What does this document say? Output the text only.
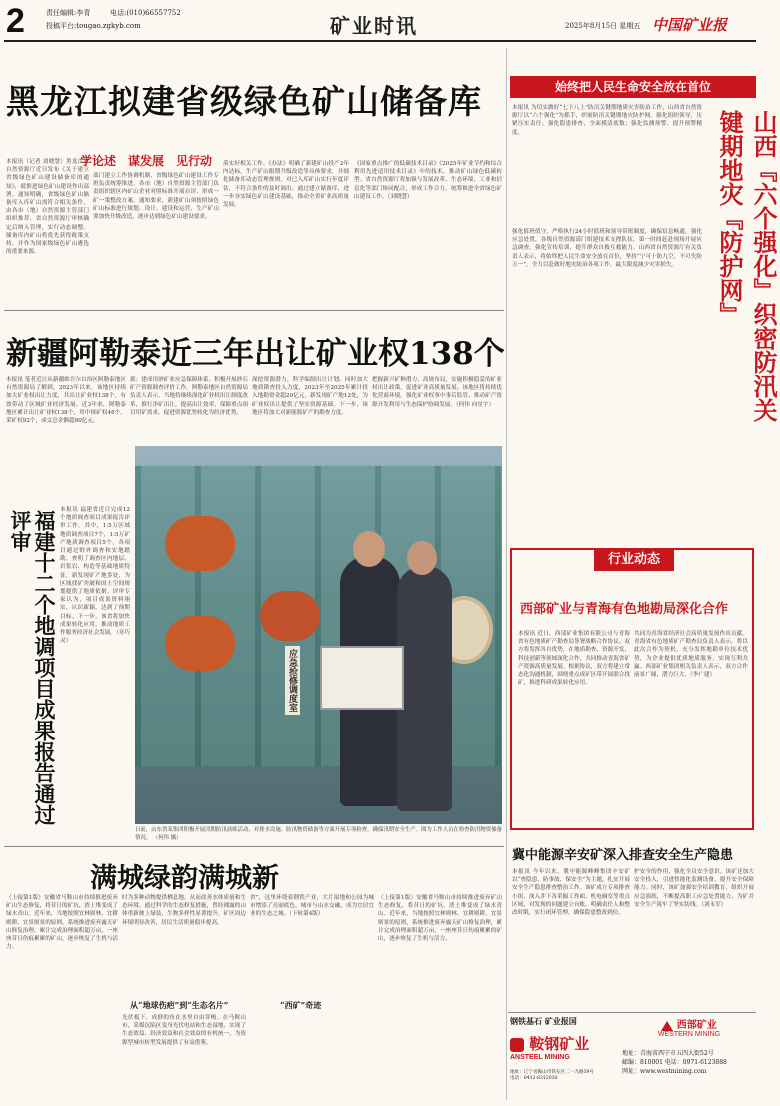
2	责任编辑:李青	电话:(010)66557752
投稿平台:tougao.zgkyb.com	矿业时讯	2025年8月15日 星期五 中国矿业报
黑龙江拟建省级绿色矿山储备库
学论述　谋发展　见行动
本报讯（记者 刘晓慧）黑龙江省自然资源厅近日发布《关于建立省级绿色矿山建设储备库的通知》，就推进绿色矿山建设作出部署。通知明确，省级绿色矿山储备库入库矿山需符合相关条件，由各市（地）自然资源主管部门组织推荐，省自然资源厅审核确定后纳入管理，实行动态调整。储备库内矿山将优先获得政策支持，并作为国家级绿色矿山遴选的重要来源。
部门建立工作协调机制，省级绿色矿山建设工作专班负责统筹推进，各市（地）自然资源主管部门负责组织辖区内矿山企业对照标准开展自评，形成一矿一策整改方案。通知要求，新建矿山须按照绿色矿山标准进行规划、设计、建设和运营，生产矿山要加快升级改造，逐步达到绿色矿山建设要求。
落实好相关工作。《办法》明确了新建矿山投产2年内达标，生产矿山限期升级改造等具体要求，并细化储备库动态管理规则。对已入库矿山实行年度评估，不符合条件的及时调出。通过建立储备库，进一步夯实绿色矿山建设基础，推动全省矿业高质量发展。
《国家重点推广的低碳技术目录》《2025年矿业节约和综合利用先进适用技术目录》中的技术，推动矿山绿色低碳转型。省自然资源厅将加强与发展改革、生态环境、工业和信息化等部门协同配合，形成工作合力，统筹推进全省绿色矿山建设工作。（刘晓慧）
新疆阿勒泰近三年出让矿业权138个
本报讯 笔者近日从新疆维吾尔自治区阿勒泰地区自然资源局了解到，2023年以来，该地区持续加大矿业权出让力度，共出让矿业权138个，有效带动了区域矿业经济发展。近3年来，阿勒泰地区累计出让矿业权138个，其中探矿权46个、采矿权92个，成交总金额超80亿元。
源；建成用砂矿业应急保障体系，积极开展砂石矿产资源调查评价工作。阿勒泰地区自然资源局负责人表示，当地将继续深化矿业权出让制度改革，推行净矿出让，提高出让效率，保障重点项目用矿需求，促进资源优势转化为经济优势。
深挖资源潜力，科学编制出让计划。同时加大地质勘查投入力度，2023年至2025年累计投入地勘资金超20亿元，新发现矿产地12处，为矿业权出让提供了坚实资源基础。下一步，该地区将加大对新能源矿产的勘查力度。
把握新兴矿种潜力，高规布局，实施积极稳妥的矿业权出让政策，促进矿业高质量发展。该地区将持续优化营商环境，强化矿业权事中事后监管，推动矿产资源开发利用与生态保护协调发展。（何伟 向星宇）
福建十二个地调项目成果报告通过评审	本报讯 福建省近日完成12个地质调查项目成果报告评审工作。其中，1:5万区域地质调查项目7个，1:5万矿产地质调查项目5个。各项目通过野外调查和实地踏勘，查明了调查区内地层、岩浆岩、构造等基础地质特征，新发现矿产地多处，为区域找矿突破和国土空间规划提供了地质依据。评审专家认为，项目成果资料翔实，认识新颖，达到了预期目标。下一步，该省将加快成果转化应用，推动地质工作服务经济社会发展。（章巧灵）
应急抢修调度室
日前，山东省某集团积极开展汛期防汛演练活动，对排水设施、防汛物资储备等方面开展专项检查，确保汛期安全生产。图为工作人员在检查防汛物资储备情况。 （何伟 摄）
满城绿韵满城新
（上接第1版）安徽省马鞍山市持续推进废弃矿山生态修复，将昔日的矿坑、渣土堆变成了绿水青山。近年来，当地按照宜林则林、宜耕则耕、宜景则景的原则，系统推进废弃露天矿山修复治理，累计完成治理面积超万亩，一座座昔日伤痕累累的矿山，逐步恢复了生机与活力。
时为多种动物提供栖息地，从而改善水体质量和生态环境。通过科学的生态修复措施，曾经裸露的山体重新披上绿装，生物多样性显著提升，矿区周边环境明显改善，居民生活质量稳步提高。
从“地球伤疤”到“生态名片”
光伏板下，成群的鱼在水里自由穿梭。在马鞍山市，采煤沉陷区变身光伏电站和生态湿地，实现了生态效益、经济效益和社会效益的有机统一，为资源型城市转型发展提供了有益借鉴。
省”，这里环绕着钢铁产业，大片湿地和公园为城市增添了亮丽底色，城市与山水交融，成为宜居宜业的生态之城。（下转第4版）
“西矿”奇迹
（上接第1版）安徽省马鞍山市持续推进废弃矿山生态修复，将昔日的矿坑、渣土堆变成了绿水青山。近年来，当地按照宜林则林、宜耕则耕、宜景则景的原则，系统推进废弃露天矿山修复治理，累计完成治理面积超万亩，一座座昔日伤痕累累的矿山，逐步恢复了生机与活力。
始终把人民生命安全放在首位
本报讯 为切实做好“七下八上”防汛关键期地质灾害防治工作，山西省自然资源厅以“六个强化”为抓手，织密防汛关键期地灾防护网。强化组织领导，压紧压实责任；强化隐患排查，全面摸清底数；强化监测预警，提升预警精度。	山西『六个强化』织密防汛关键期地灾『防护网』
强化值班值守，严格执行24小时值班和领导带班制度，确保信息畅通。强化应急处置，各级自然资源部门组建技术支撑队伍，第一时间赶赴现场开展应急调查。强化宣传培训，提升群众自救互救能力。山西省自然资源厅有关负责人表示，将始终把人民生命安全放在首位，坚持“宁可十防九空，不可失防万一”，全力以赴做好地灾防治各项工作，最大限度减少灾害损失。
行业动态
西部矿业与青海有色地勘局深化合作
本报讯 近日，西部矿业集团有限公司与青海省有色地质矿产勘查局签署战略合作协议。双方将发挥各自优势，在地质勘查、资源开发、科技创新等领域深化合作，共同推动青海省矿产资源高质量发展。根据协议，双方将建立常态化沟通机制，围绕重点成矿区带开展联合找矿，推进科研成果转化应用。
共同为青海省经济社会高质量发展作出贡献。青海省有色地质矿产勘查局负责人表示，将以此次合作为契机，充分发挥地勘单位技术优势，为企业提供优质地质服务，实现互利共赢。西部矿业集团相关负责人表示，双方合作前景广阔，潜力巨大。（李广建）
冀中能源辛安矿深入排查安全生产隐患
本报讯 今年以来，冀中能源峰峰集团辛安矿以“查隐患、防事故、保安全”为主题，扎实开展安全生产隐患排查整治工作。该矿成立专项排查小组，深入井下各采掘工作面、机电硐室等重点区域，对发现的问题建立台账，明确责任人和整改时限，实行闭环管理，确保隐患整改到位。
护安全的作用，强化全员安全意识。该矿还加大安全投入，引进智能化监测设备，提升安全保障能力。同时，该矿加强安全培训教育，组织开展应急演练，不断提高职工应急处置能力，为矿井安全生产筑牢了坚实防线。（刘永军）
钢铁基石 矿业报国
鞍钢矿业
ANSTEEL MINING
地址：辽宁省鞍山市铁东区二一九路39号
电话：0412-8312030
西部矿业
WESTERN MINING
地址：青海省西宁市五四大街52号
邮编：810001 电话：0971-6123888
网址：www.westmining.com
